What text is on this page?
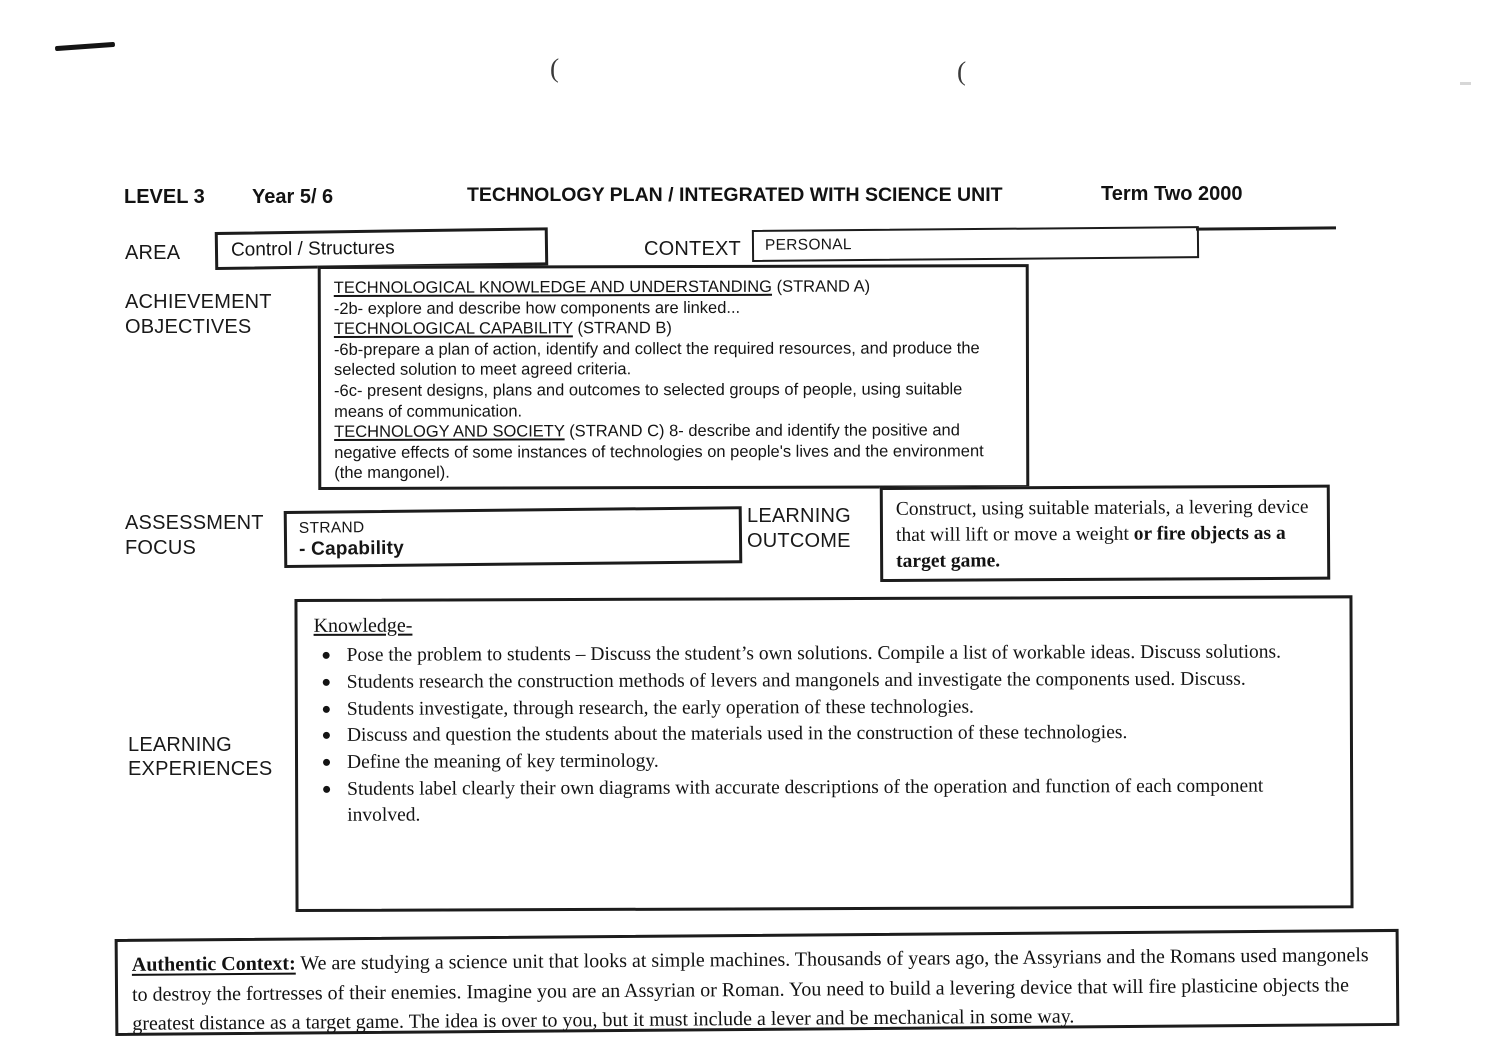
(	(
LEVEL 3 Year 5/ 6	TECHNOLOGY PLAN / INTEGRATED WITH SCIENCE UNIT	Term Two 2000
AREA	Control / Structures	CONTEXT PERSONAL
ACHIEVEMENT
OBJECTIVES
TECHNOLOGICAL KNOWLEDGE AND UNDERSTANDING (STRAND A)
-2b- explore and describe how components are linked...
TECHNOLOGICAL CAPABILITY (STRAND B)
-6b-prepare a plan of action, identify and collect the required resources, and produce the selected solution to meet agreed criteria.
-6c- present designs, plans and outcomes to selected groups of people, using suitable means of communication.
TECHNOLOGY AND SOCIETY (STRAND C) 8- describe and identify the positive and negative effects of some instances of technologies on people's lives and the environment (the mangonel).
ASSESSMENT
FOCUS
STRAND
- Capability
LEARNING
OUTCOME
Construct, using suitable materials, a levering device that will lift or move a weight or fire objects as a target game.
LEARNING
EXPERIENCES
Knowledge-
Pose the problem to students – Discuss the student’s own solutions. Compile a list of workable ideas. Discuss solutions.
Students research the construction methods of levers and mangonels and investigate the components used. Discuss.
Students investigate, through research, the early operation of these technologies.
Discuss and question the students about the materials used in the construction of these technologies.
Define the meaning of key terminology.
Students label clearly their own diagrams with accurate descriptions of the operation and function of each component involved.
Authentic Context: We are studying a science unit that looks at simple machines. Thousands of years ago, the Assyrians and the Romans used mangonels to destroy the fortresses of their enemies. Imagine you are an Assyrian or Roman. You need to build a levering device that will fire plasticine objects the greatest distance as a target game. The idea is over to you, but it must include a lever and be mechanical in some way.
